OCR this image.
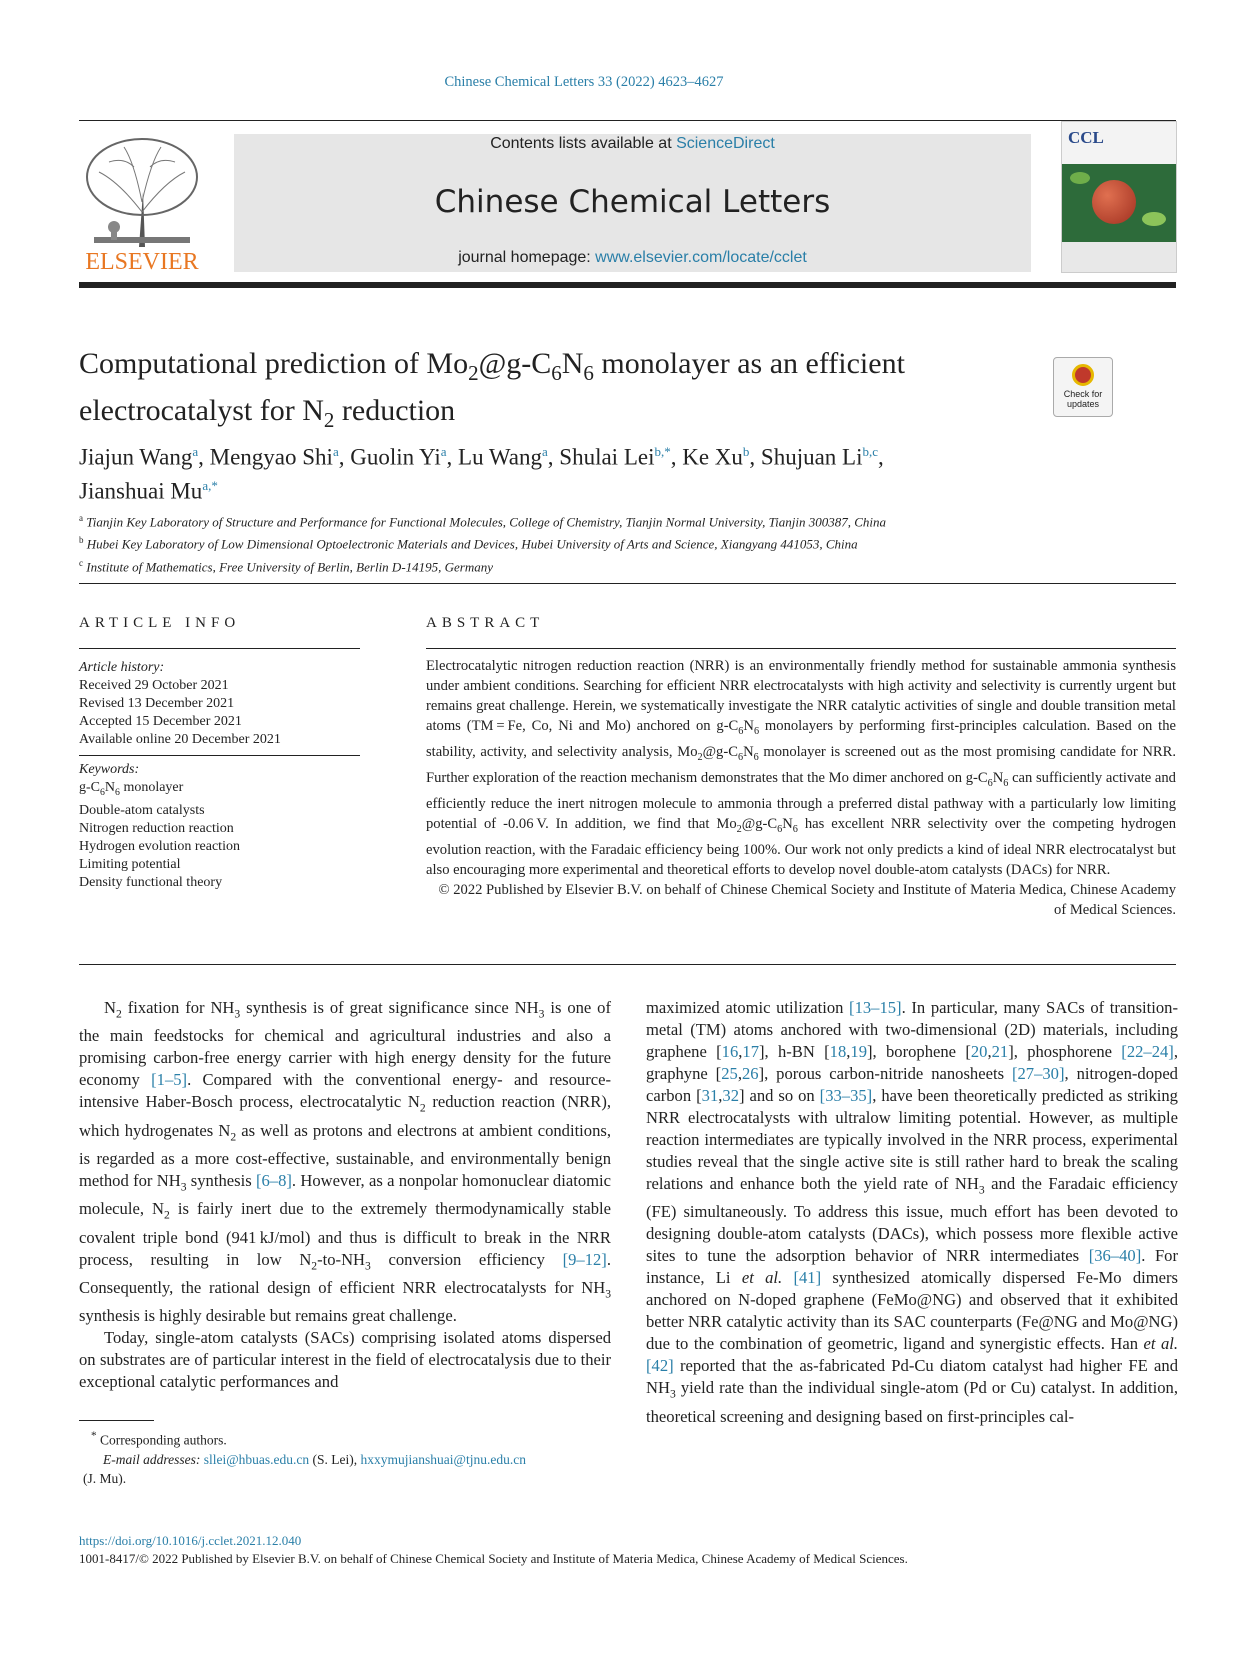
Chinese Chemical Letters 33 (2022) 4623–4627
ELSEVIER
Contents lists available at ScienceDirect
Chinese Chemical Letters
journal homepage: www.elsevier.com/locate/cclet
CCL
Computational prediction of $Mo_2@g-C_6N_6$ monolayer as an efficient
electrocatalyst for $N_2$ reduction	Check for updates
Jiajun Wang$^a$, Mengyao Shi$^a$, Guolin Yi$^a$, Lu Wang$^a$, Shulai Lei$^{b,*}$, Ke Xu$^b$, Shujuan Li$^{b,c}$,
Jianshuai $Mu^{a,*}$
$^a$ Tianjin Key Laboratory of Structure and Performance for Functional Molecules, College of Chemistry, Tianjin Normal University, Tianjin 300387, China
$^b$ Hubei Key Laboratory of Low Dimensional Optoelectronic Materials and Devices, Hubei University of Arts and Science, Xiangyang 441053, China
$^c$ Institute of Mathematics, Free University of Berlin, Berlin D-14195, Germany
ARTICLE INFO	ABSTRACT
Article history:
Received 29 October 2021
Revised 13 December 2021
Accepted 15 December 2021
Available online 20 December 2021
Keywords:
$g-C_6N_6$ monolayer
Double-atom catalysts
Nitrogen reduction reaction
Hydrogen evolution reaction
Limiting potential
Density functional theory
Electrocatalytic nitrogen reduction reaction (NRR) is an environmentally friendly method for sustainable ammonia synthesis under ambient conditions. Searching for efficient NRR electrocatalysts with high activity and selectivity is currently urgent but remains great challenge. Herein, we systematically investigate the NRR catalytic activities of single and double transition metal atoms (TM = Fe, Co, Ni and Mo) anchored on $g-C_6N_6$ monolayers by performing first-principles calculation. Based on the stability, activity, and selectivity analysis, $Mo_2@g-C_6N_6$ monolayer is screened out as the most promising candidate for NRR. Further exploration of the reaction mechanism demonstrates that the Mo dimer anchored on $g-C_6N_6$ can sufficiently activate and efficiently reduce the inert nitrogen molecule to ammonia through a preferred distal pathway with a particularly low limiting potential of -0.06 V. In addition, we find that $Mo_2@g-C_6N_6$ has excellent NRR selectivity over the competing hydrogen evolution reaction, with the Faradaic efficiency being 100%. Our work not only predicts a kind of ideal NRR electrocatalyst but also encouraging more experimental and theoretical efforts to develop novel double-atom catalysts (DACs) for NRR.
© 2022 Published by Elsevier B.V. on behalf of Chinese Chemical Society and Institute of Materia Medica, Chinese Academy of Medical Sciences.

$N_2$ fixation for $NH_3$ synthesis is of great significance since $NH_3$ is one of the main feedstocks for chemical and agricultural industries and also a promising carbon-free energy carrier with high energy density for the future economy [1–5]. Compared with the conventional energy- and resource-intensive Haber-Bosch process, electrocatalytic $N_2$ reduction reaction (NRR), which hydrogenates $N_2$ as well as protons and electrons at ambient conditions, is regarded as a more cost-effective, sustainable, and environmentally benign method for $NH_3$ synthesis [6–8]. However, as a nonpolar homonuclear diatomic molecule, $N_2$ is fairly inert due to the extremely thermodynamically stable covalent triple bond (941 kJ/mol) and thus is difficult to break in the NRR process, resulting in low $N_2-to-NH_3$ conversion efficiency [9–12]. Consequently, the rational design of efficient NRR electrocatalysts for $NH_3$ synthesis is highly desirable but remains great challenge.

Today, single-atom catalysts (SACs) comprising isolated atoms dispersed on substrates are of particular interest in the field of electrocatalysis due to their exceptional catalytic performances and

maximized atomic utilization [13–15]. In particular, many SACs of transition-metal (TM) atoms anchored with two-dimensional (2D) materials, including graphene [16,17], h-BN [18,19], borophene [20,21], phosphorene [22–24], graphyne [25,26], porous carbon-nitride nanosheets [27–30], nitrogen-doped carbon [31,32] and so on [33–35], have been theoretically predicted as striking NRR electrocatalysts with ultralow limiting potential. However, as multiple reaction intermediates are typically involved in the NRR process, experimental studies reveal that the single active site is still rather hard to break the scaling relations and enhance both the yield rate of $NH_3$ and the Faradaic efficiency (FE) simultaneously. To address this issue, much effort has been devoted to designing double-atom catalysts (DACs), which possess more flexible active sites to tune the adsorption behavior of NRR intermediates [36–40]. For instance, Li et al. [41] synthesized atomically dispersed Fe-Mo dimers anchored on N-doped graphene (FeMo@NG) and observed that it exhibited better NRR catalytic activity than its SAC counterparts (Fe@NG and Mo@NG) due to the combination of geometric, ligand and synergistic effects. Han et al. [42] reported that the as-fabricated Pd-Cu diatom catalyst had higher FE and $NH_3$ yield rate than the individual single-atom (Pd or Cu) catalyst. In addition, theoretical screening and designing based on first-principles cal-

* Corresponding authors.
E-mail addresses: sllei@hbuas.edu.cn (S. Lei), hxxymujianshuai@tjnu.edu.cn
(J. Mu).
https://doi.org/10.1016/j.cclet.2021.12.040
1001-8417/© 2022 Published by Elsevier B.V. on behalf of Chinese Chemical Society and Institute of Materia Medica, Chinese Academy of Medical Sciences.
